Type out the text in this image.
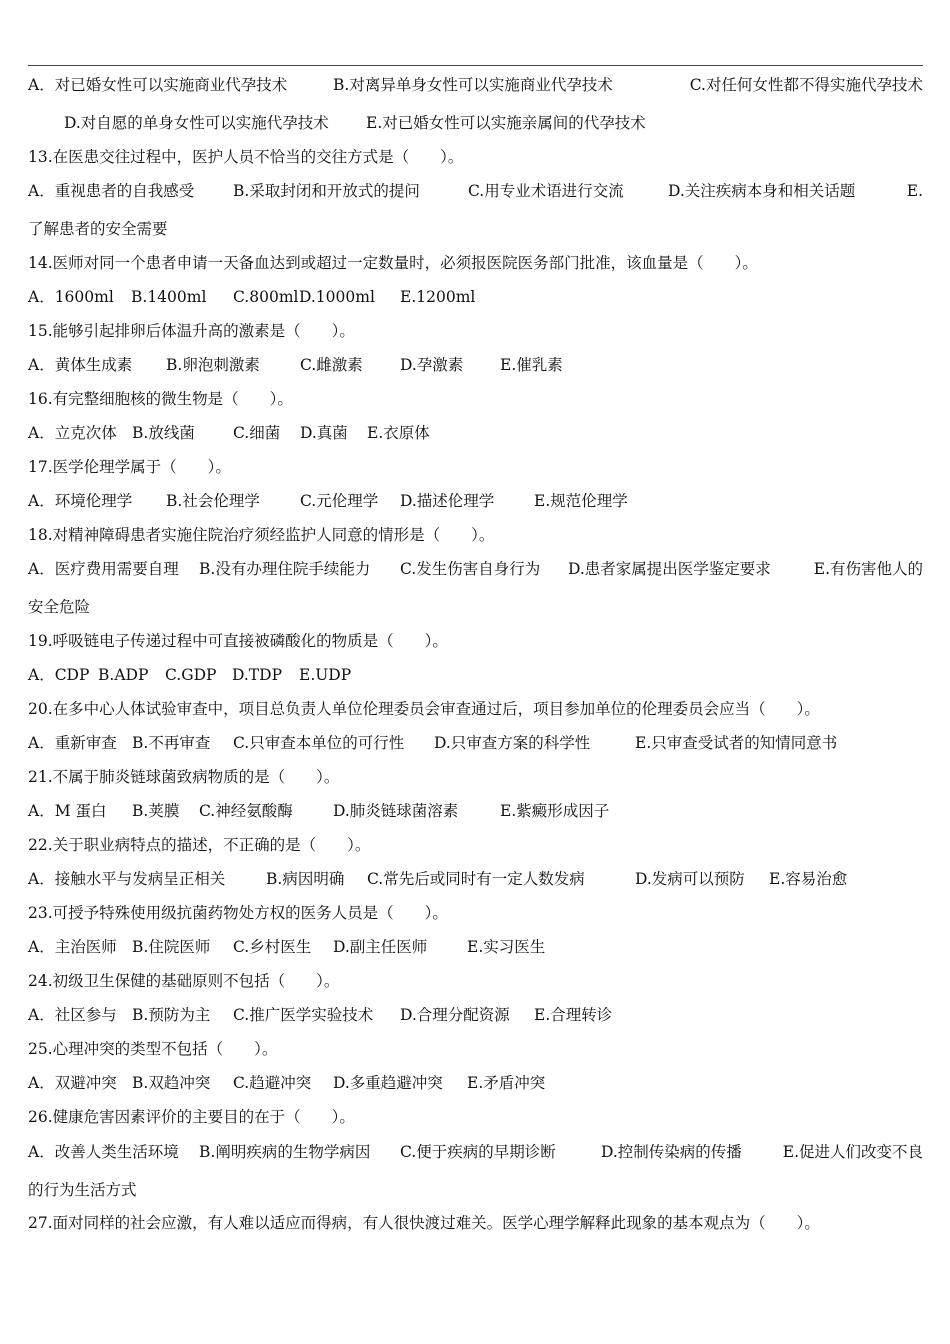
A．对已婚女性可以实施商业代孕技术	B.对离异单身女性可以实施商业代孕技术	C.对任何女性都不得实施代孕技术
D.对自愿的单身女性可以实施代孕技术 E.对已婚女性可以实施亲属间的代孕技术
13.在医患交往过程中，医护人员不恰当的交往方式是（　　）。
A．重视患者的自我感受	B.采取封闭和开放式的提问	C.用专业术语进行交流	D.关注疾病本身和相关话题	E.
了解患者的安全需要
14.医师对同一个患者申请一天备血达到或超过一定数量时，必须报医院医务部门批准，该血量是（　　）。
A．1600ml B.1400ml C.800ml D.1000ml E.1200ml
15.能够引起排卵后体温升高的激素是（　　）。
A．黄体生成素 B.卵泡刺激素	C.雌激素 D.孕激素 E.催乳素
16.有完整细胞核的微生物是（　　）。
A．立克次体 B.放线菌 C.细菌 D.真菌 E.衣原体
17.医学伦理学属于（　　）。
A．环境伦理学 B.社会伦理学	C.元伦理学 D.描述伦理学	E.规范伦理学
18.对精神障碍患者实施住院治疗须经监护人同意的情形是（　　）。
A．医疗费用需要自理 B.没有办理住院手续能力 C.发生伤害自身行为 D.患者家属提出医学鉴定要求	E.有伤害他人的
安全危险
19.呼吸链电子传递过程中可直接被磷酸化的物质是（　　）。
A．CDP B.ADP C.GDP D.TDP E.UDP
20.在多中心人体试验审查中，项目总负责人单位伦理委员会审查通过后，项目参加单位的伦理委员会应当（　　）。
A．重新审查 B.不再审查 C.只审查本单位的可行性 D.只审查方案的科学性	E.只审查受试者的知情同意书
21.不属于肺炎链球菌致病物质的是（　　）。
A．M 蛋白 B.荚膜 C.神经氨酸酶	D.肺炎链球菌溶素	E.紫癜形成因子
22.关于职业病特点的描述，不正确的是（　　）。
A．接触水平与发病呈正相关	B.病因明确 C.常先后或同时有一定人数发病	D.发病可以预防 E.容易治愈
23.可授予特殊使用级抗菌药物处方权的医务人员是（　　）。
A．主治医师 B.住院医师 C.乡村医生 D.副主任医师	E.实习医生
24.初级卫生保健的基础原则不包括（　　）。
A．社区参与 B.预防为主 C.推广医学实验技术 D.合理分配资源 E.合理转诊
25.心理冲突的类型不包括（　　）。
A．双避冲突 B.双趋冲突 C.趋避冲突 D.多重趋避冲突 E.矛盾冲突
26.健康危害因素评价的主要目的在于（　　）。
A．改善人类生活环境 B.阐明疾病的生物学病因 C.便于疾病的早期诊断	D.控制传染病的传播	E.促进人们改变不良
的行为生活方式
27.面对同样的社会应激，有人难以适应而得病，有人很快渡过难关。医学心理学解释此现象的基本观点为（　　）。
